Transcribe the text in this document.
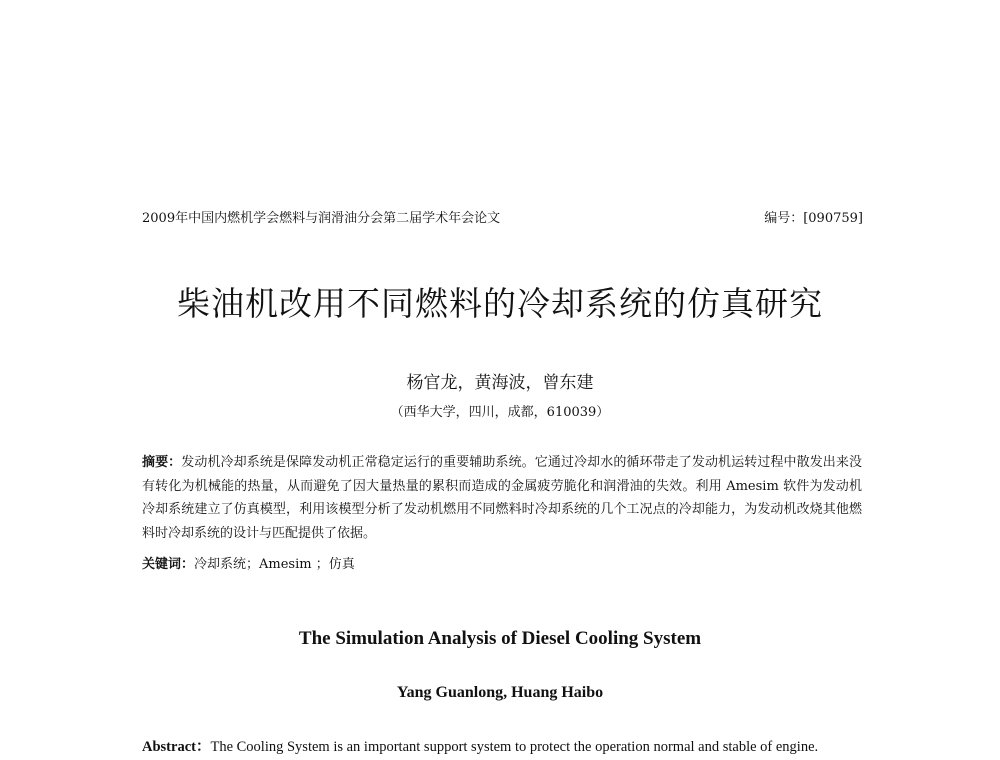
2009年中国内燃机学会燃料与润滑油分会第二届学术年会论文	编号：[090759]
柴油机改用不同燃料的冷却系统的仿真研究
杨官龙，黄海波，曾东建
（西华大学，四川，成都，610039）
摘要：发动机冷却系统是保障发动机正常稳定运行的重要辅助系统。它通过冷却水的循环带走了发动机运转过程中散发出来没有转化为机械能的热量，从而避免了因大量热量的累积而造成的金属疲劳脆化和润滑油的失效。利用 Amesim 软件为发动机冷却系统建立了仿真模型，利用该模型分析了发动机燃用不同燃料时冷却系统的几个工况点的冷却能力，为发动机改烧其他燃料时冷却系统的设计与匹配提供了依据。
关键词：冷却系统；Amesim ；仿真
The Simulation Analysis of Diesel Cooling System
Yang Guanlong, Huang Haibo
Abstract：The Cooling System is an important support system to protect the operation normal and stable of engine.
